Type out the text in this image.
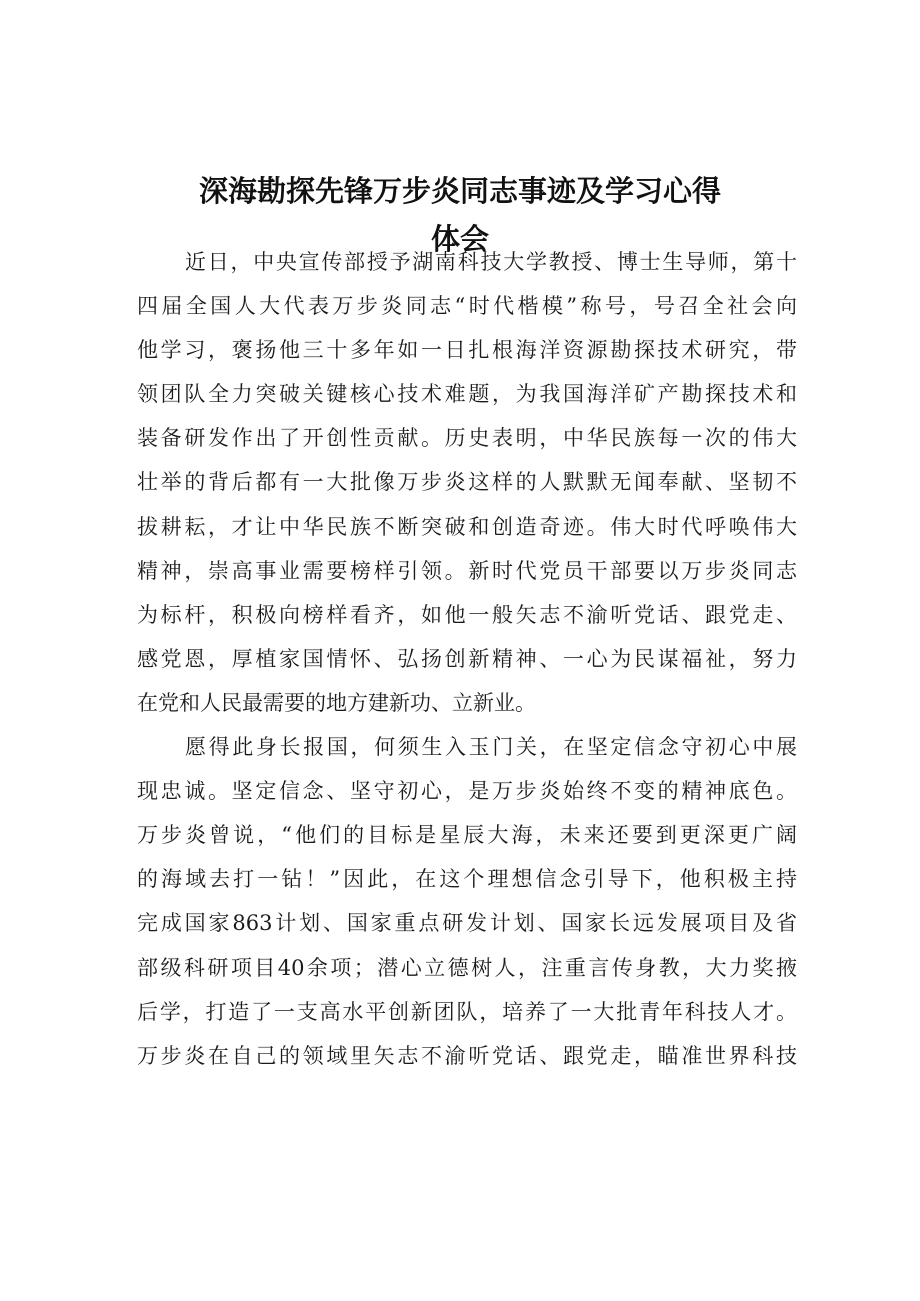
深海勘探先锋万步炎同志事迹及学习心得
体会
近日，中央宣传部授予湖南科技大学教授、博士生导师，第十
四届全国人大代表万步炎同志“时代楷模”称号，号召全社会向
他学习，褒扬他三十多年如一日扎根海洋资源勘探技术研究，带
领团队全力突破关键核心技术难题，为我国海洋矿产勘探技术和
装备研发作出了开创性贡献。历史表明，中华民族每一次的伟大
壮举的背后都有一大批像万步炎这样的人默默无闻奉献、坚韧不
拔耕耘，才让中华民族不断突破和创造奇迹。伟大时代呼唤伟大
精神，崇高事业需要榜样引领。新时代党员干部要以万步炎同志
为标杆，积极向榜样看齐，如他一般矢志不渝听党话、跟党走、
感党恩，厚植家国情怀、弘扬创新精神、一心为民谋福祉，努力
在党和人民最需要的地方建新功、立新业。
愿得此身长报国，何须生入玉门关，在坚定信念守初心中展
现忠诚。坚定信念、坚守初心，是万步炎始终不变的精神底色。
万步炎曾说，“他们的目标是星辰大海，未来还要到更深更广阔
的海域去打一钻！”因此，在这个理想信念引导下，他积极主持
完成国家863计划、国家重点研发计划、国家长远发展项目及省
部级科研项目40余项；潜心立德树人，注重言传身教，大力奖掖
后学，打造了一支高水平创新团队，培养了一大批青年科技人才。
万步炎在自己的领域里矢志不渝听党话、跟党走，瞄准世界科技
